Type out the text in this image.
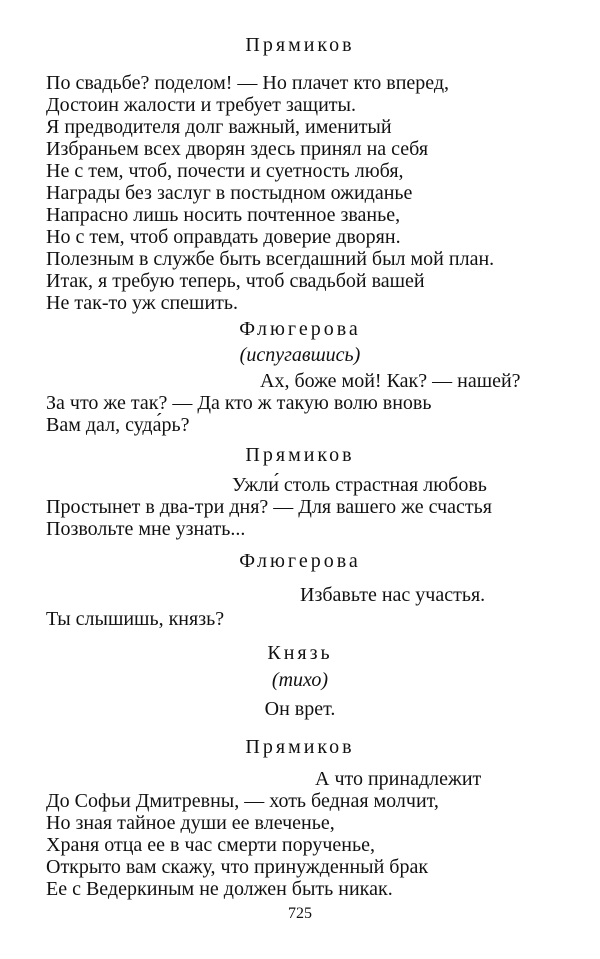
Прямиков
По свадьбе? поделом! — Но плачет кто вперед,
Достоин жалости и требует защиты.
Я предводителя долг важный, именитый
Избраньем всех дворян здесь принял на себя
Не с тем, чтоб, почести и суетность любя,
Награды без заслуг в постыдном ожиданье
Напрасно лишь носить почтенное званье,
Но с тем, чтоб оправдать доверие дворян.
Полезным в службе быть всегдашний был мой план.
Итак, я требую теперь, чтоб свадьбой вашей
Не так-то уж спешить.
Флюгерова
(испугавшись)
Ах, боже мой! Как? — нашей?
За что же так? — Да кто ж такую волю вновь
Вам дал, суда́рь?
Прямиков
Ужли́ столь страстная любовь
Простынет в два-три дня? — Для вашего же счастья
Позвольте мне узнать...
Флюгерова
Избавьте нас участья.
Ты слышишь, князь?
Князь
(тихо)
Он врет.
Прямиков
А что принадлежит
До Софьи Дмитревны, — хоть бедная молчит,
Но зная тайное души ее влеченье,
Храня отца ее в час смерти порученье,
Открыто вам скажу, что принужденный брак
Ее с Ведеркиным не должен быть никак.
725
